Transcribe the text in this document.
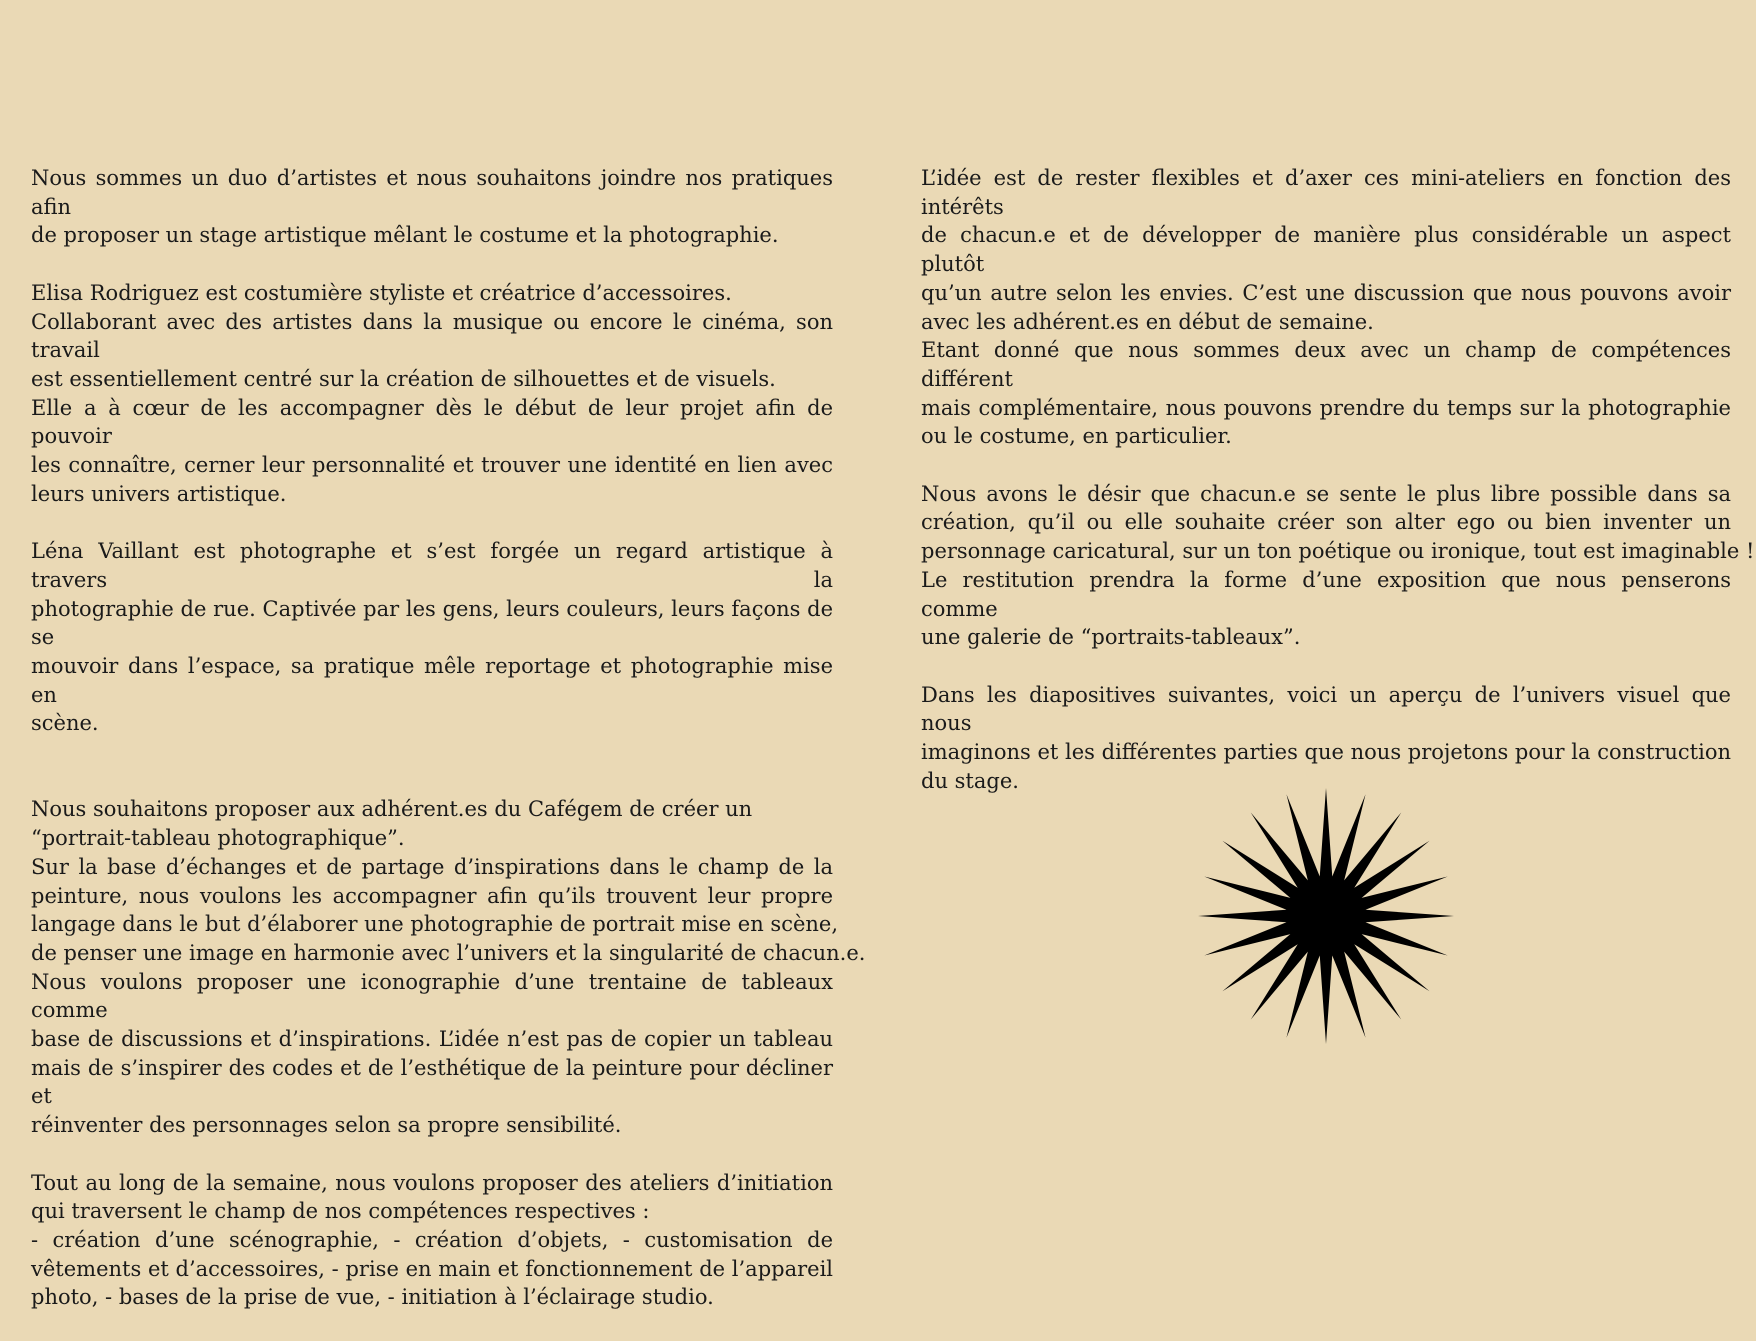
Nous sommes un duo d’artistes et nous souhaitons joindre nos pratiques afin
de proposer un stage artistique mêlant le costume et la photographie.
Elisa Rodriguez est costumière styliste et créatrice d’accessoires.
Collaborant avec des artistes dans la musique ou encore le cinéma, son travail
est essentiellement centré sur la création de silhouettes et de visuels.
Elle a à cœur de les accompagner dès le début de leur projet afin de pouvoir
les connaître, cerner leur personnalité et trouver une identité en lien avec
leurs univers artistique.
Léna Vaillant est photographe et s’est forgée un regard artistique à travers la
photographie de rue. Captivée par les gens, leurs couleurs, leurs façons de se
mouvoir dans l’espace, sa pratique mêle reportage et photographie mise en
scène.
Nous souhaitons proposer aux adhérent.es du Cafégem de créer un
“portrait-tableau photographique”.
Sur la base d’échanges et de partage d’inspirations dans le champ de la
peinture, nous voulons les accompagner afin qu’ils trouvent leur propre
langage dans le but d’élaborer une photographie de portrait mise en scène,
de penser une image en harmonie avec l’univers et la singularité de chacun.e.
Nous voulons proposer une iconographie d’une trentaine de tableaux comme
base de discussions et d’inspirations. L’idée n’est pas de copier un tableau
mais de s’inspirer des codes et de l’esthétique de la peinture pour décliner et
réinventer des personnages selon sa propre sensibilité.
Tout au long de la semaine, nous voulons proposer des ateliers d’initiation
qui traversent le champ de nos compétences respectives :
- création d’une scénographie, - création d’objets, - customisation de
vêtements et d’accessoires, - prise en main et fonctionnement de l’appareil
photo, - bases de la prise de vue, - initiation à l’éclairage studio.
L’idée est de rester flexibles et d’axer ces mini-ateliers en fonction des intérêts
de chacun.e et de développer de manière plus considérable un aspect plutôt
qu’un autre selon les envies. C’est une discussion que nous pouvons avoir
avec les adhérent.es en début de semaine.
Etant donné que nous sommes deux avec un champ de compétences différent
mais complémentaire, nous pouvons prendre du temps sur la photographie
ou le costume, en particulier.
Nous avons le désir que chacun.e se sente le plus libre possible dans sa
création, qu’il ou elle souhaite créer son alter ego ou bien inventer un
personnage caricatural, sur un ton poétique ou ironique, tout est imaginable !
Le restitution prendra la forme d’une exposition que nous penserons comme
une galerie de “portraits-tableaux”.
Dans les diapositives suivantes, voici un aperçu de l’univers visuel que nous
imaginons et les différentes parties que nous projetons pour la construction
du stage.
